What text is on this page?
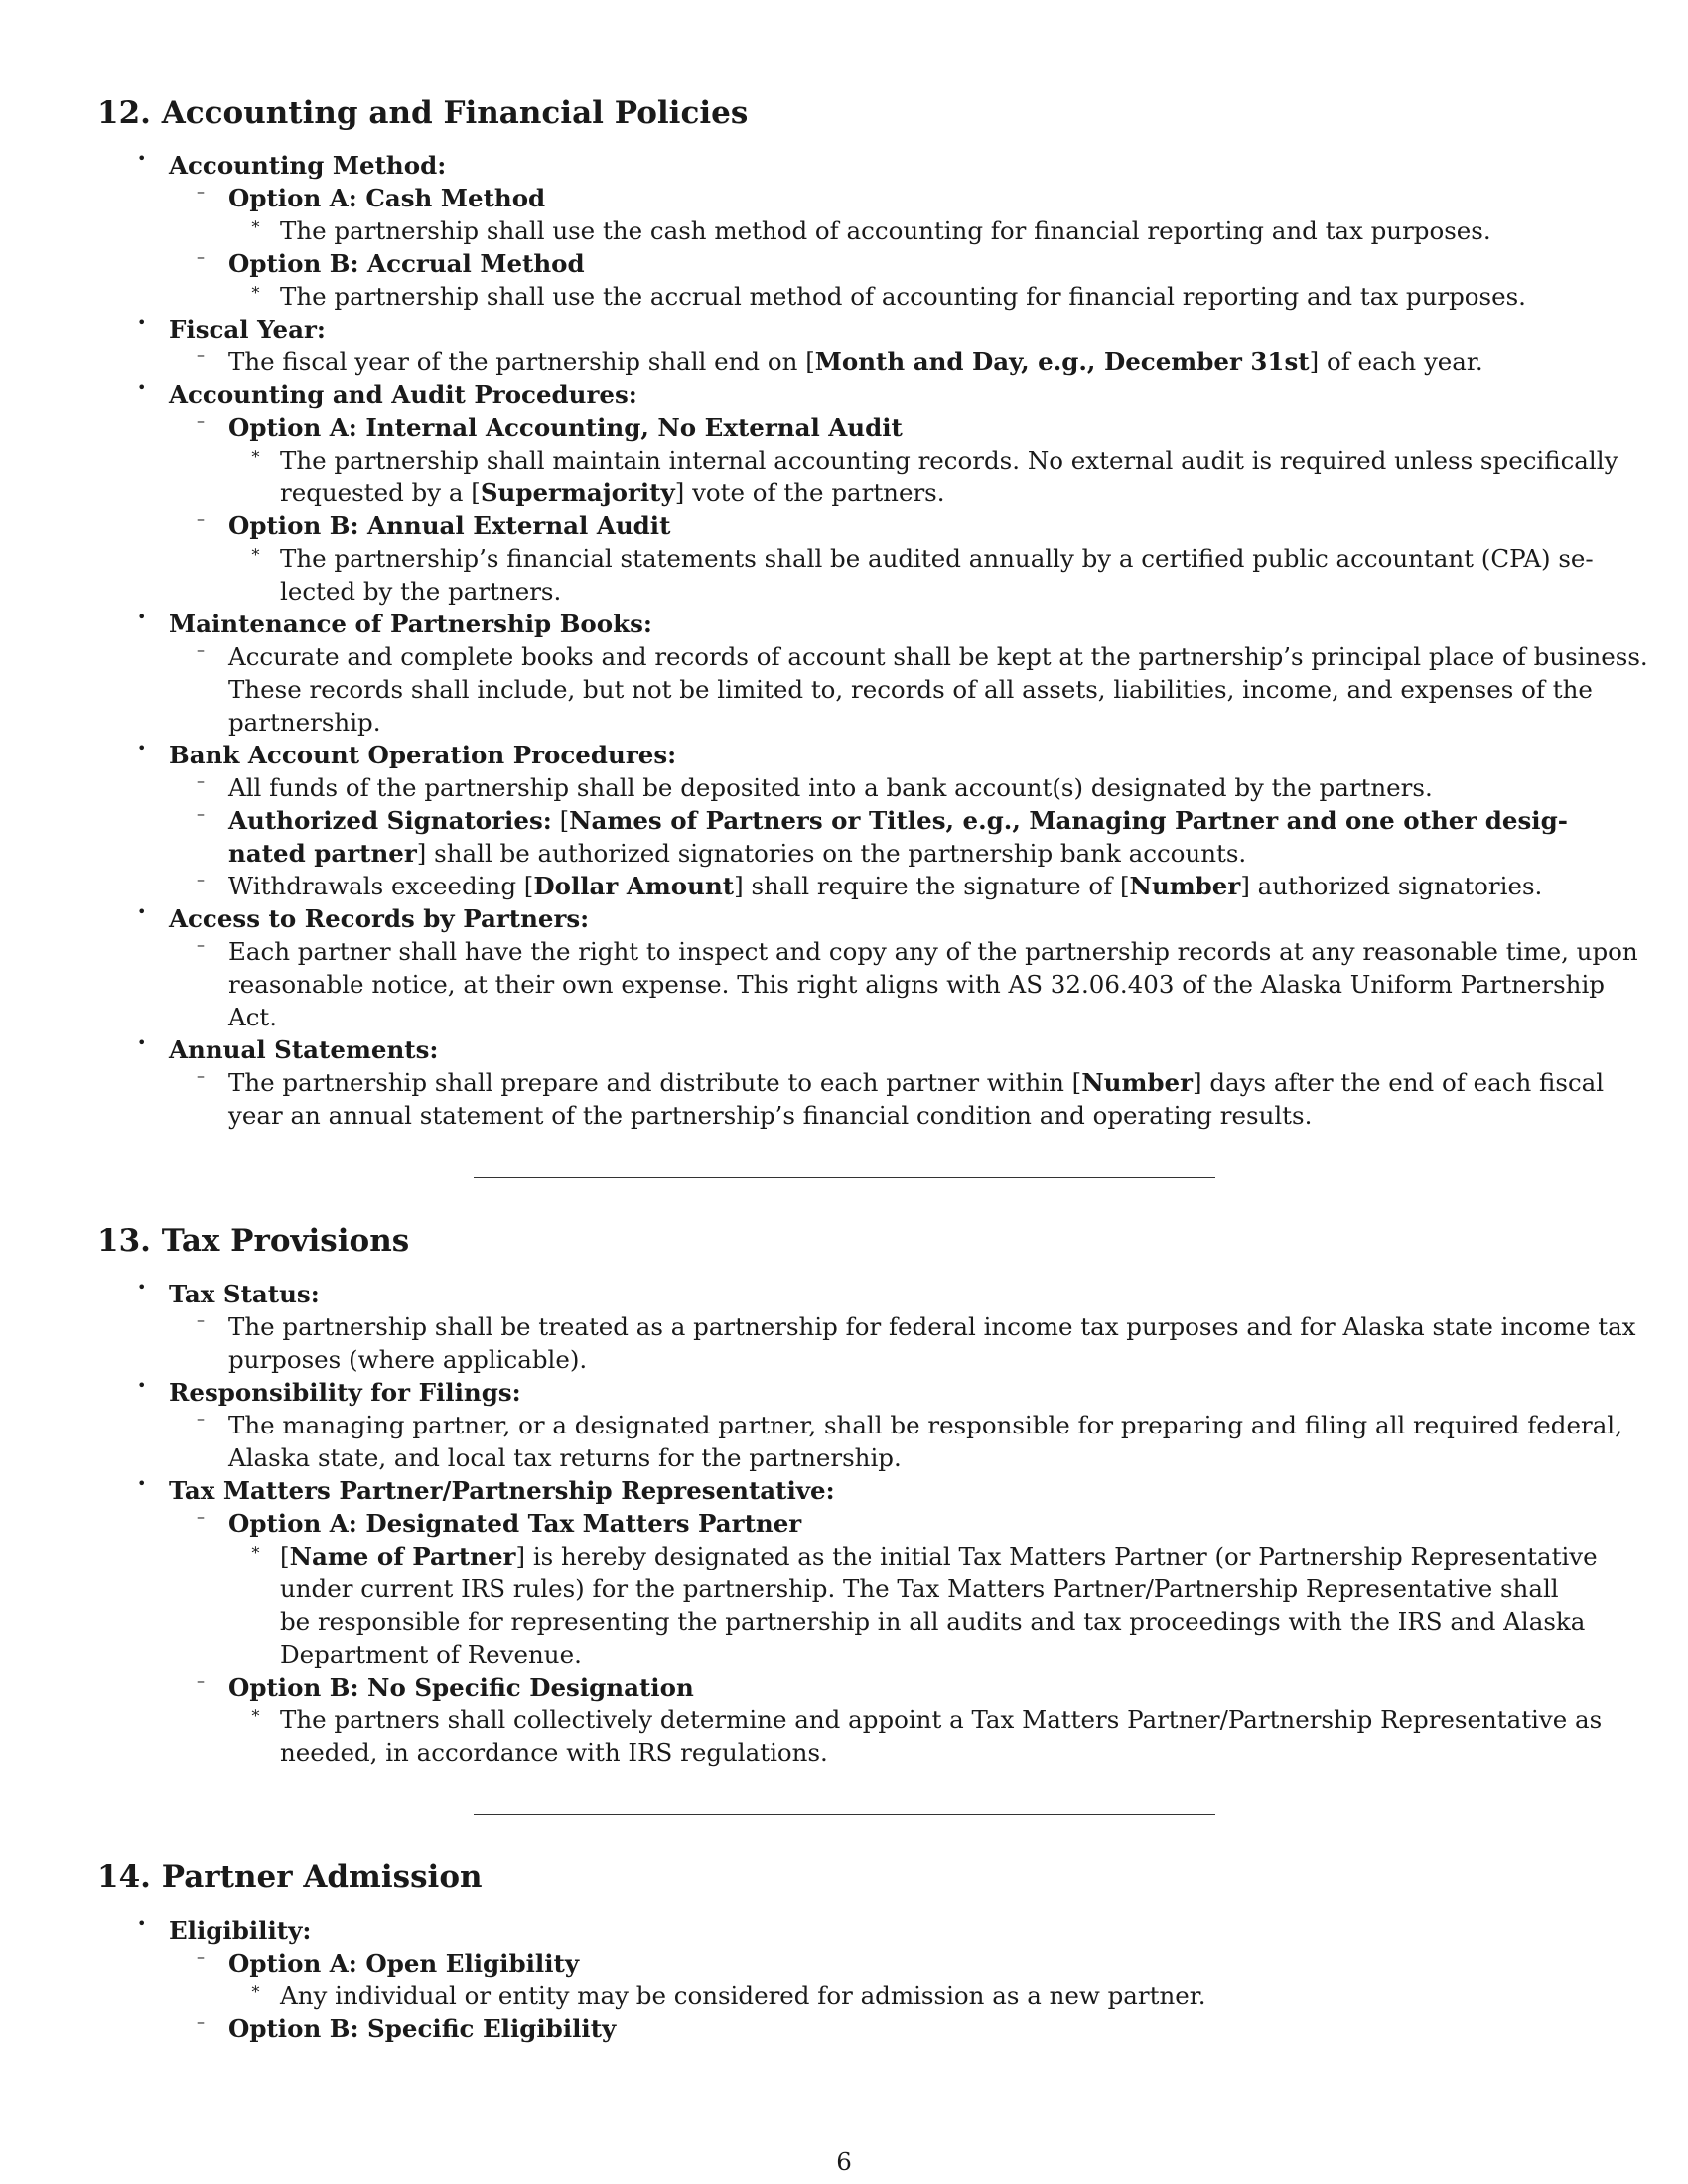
12. Accounting and Financial Policies
• Accounting Method:

– Option A: Cash Method

∗ The partnership shall use the cash method of accounting for financial reporting and tax purposes.

– Option B: Accrual Method

∗ The partnership shall use the accrual method of accounting for financial reporting and tax purposes.

• Fiscal Year:

– The fiscal year of the partnership shall end on [Month and Day, e.g., December 31st] of each year.

• Accounting and Audit Procedures:

– Option A: Internal Accounting, No External Audit

∗ The partnership shall maintain internal accounting records. No external audit is required unless specifically

requested by a [Supermajority] vote of the partners.

– Option B: Annual External Audit

∗ The partnership’s financial statements shall be audited annually by a certified public accountant (CPA) se-

lected by the partners.

• Maintenance of Partnership Books:

– Accurate and complete books and records of account shall be kept at the partnership’s principal place of business.

These records shall include, but not be limited to, records of all assets, liabilities, income, and expenses of the

partnership.

• Bank Account Operation Procedures:

– All funds of the partnership shall be deposited into a bank account(s) designated by the partners.

– Authorized Signatories: [Names of Partners or Titles, e.g., Managing Partner and one other desig-

nated partner] shall be authorized signatories on the partnership bank accounts.

– Withdrawals exceeding [Dollar Amount] shall require the signature of [Number] authorized signatories.

• Access to Records by Partners:

– Each partner shall have the right to inspect and copy any of the partnership records at any reasonable time, upon

reasonable notice, at their own expense. This right aligns with AS 32.06.403 of the Alaska Uniform Partnership

Act.

• Annual Statements:

– The partnership shall prepare and distribute to each partner within [Number] days after the end of each fiscal

year an annual statement of the partnership’s financial condition and operating results.

13. Tax Provisions
• Tax Status:

– The partnership shall be treated as a partnership for federal income tax purposes and for Alaska state income tax

purposes (where applicable).

• Responsibility for Filings:

– The managing partner, or a designated partner, shall be responsible for preparing and filing all required federal,

Alaska state, and local tax returns for the partnership.

• Tax Matters Partner/Partnership Representative:

– Option A: Designated Tax Matters Partner

∗ [Name of Partner] is hereby designated as the initial Tax Matters Partner (or Partnership Representative

under current IRS rules) for the partnership. The Tax Matters Partner/Partnership Representative shall

be responsible for representing the partnership in all audits and tax proceedings with the IRS and Alaska

Department of Revenue.

– Option B: No Specific Designation

∗ The partners shall collectively determine and appoint a Tax Matters Partner/Partnership Representative as

needed, in accordance with IRS regulations.

14. Partner Admission
• Eligibility:

– Option A: Open Eligibility

∗ Any individual or entity may be considered for admission as a new partner.

– Option B: Specific Eligibility

6
